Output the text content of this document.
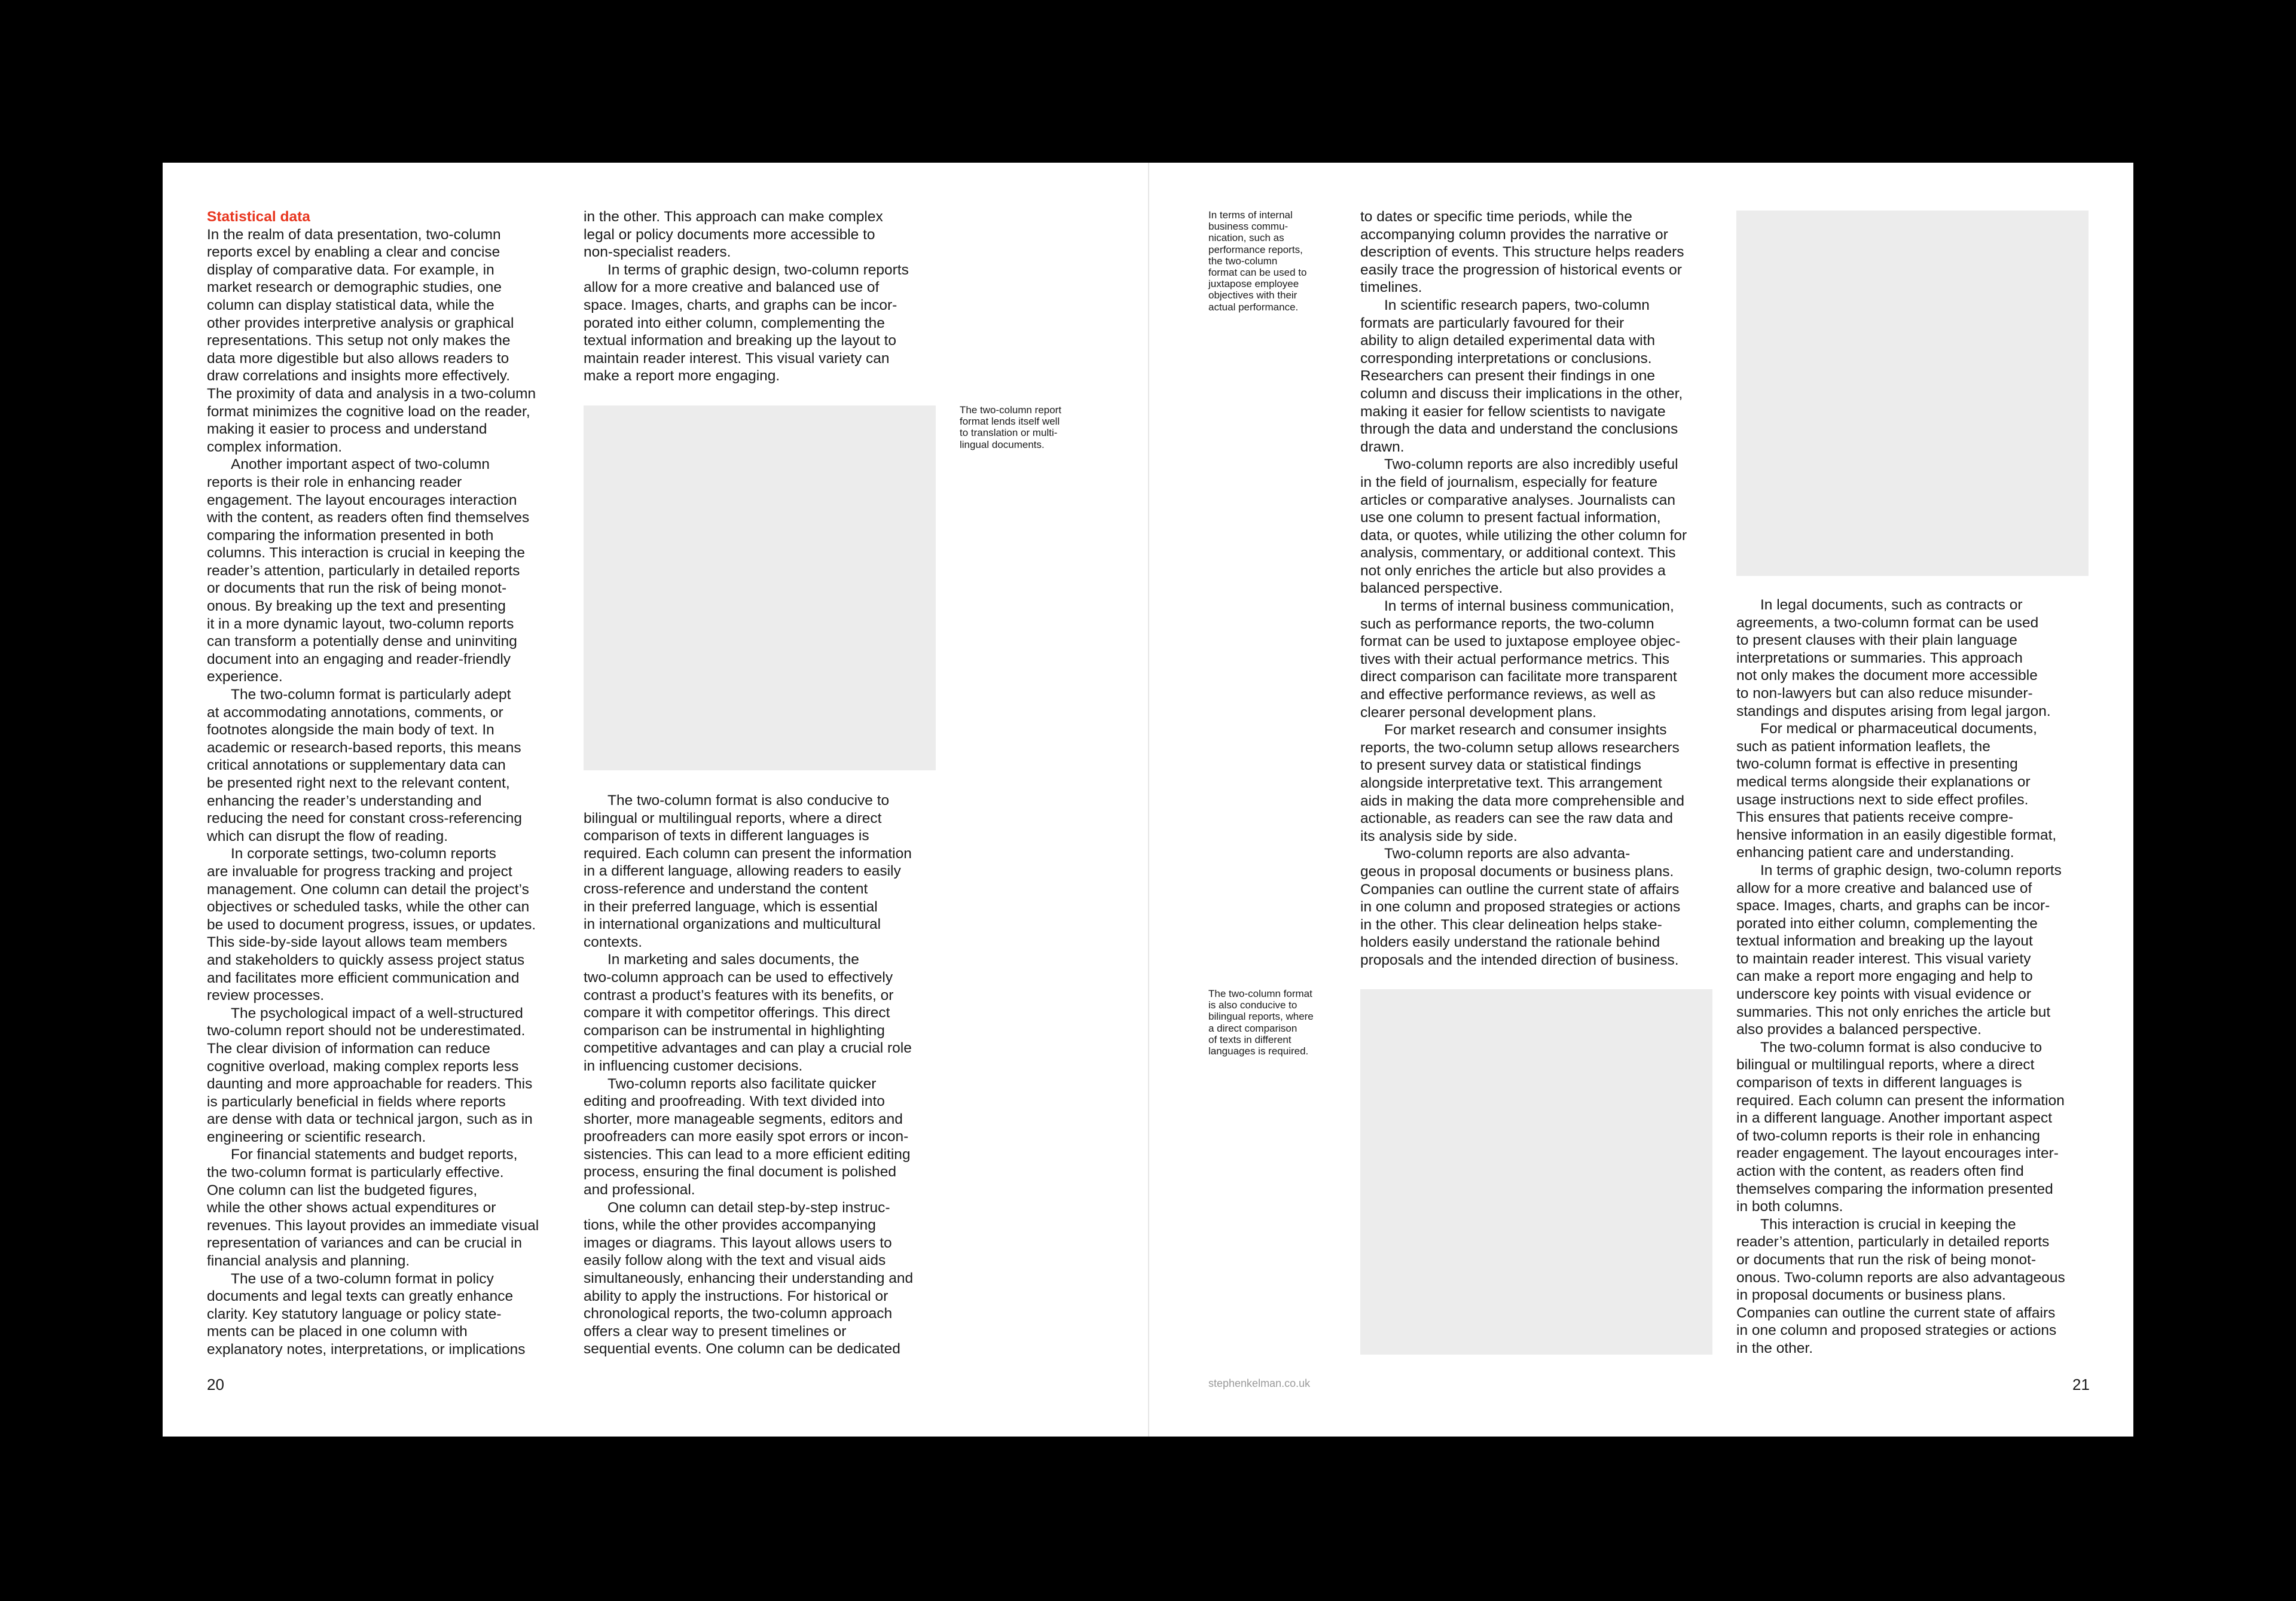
Statistical data

In the realm of data presentation, two-column
reports excel by enabling a clear and concise
display of comparative data. For example, in
market research or demographic studies, one
column can display statistical data, while the
other provides interpretive analysis or graphical
representations. This setup not only makes the
data more digestible but also allows readers to
draw correlations and insights more effectively.
The proximity of data and analysis in a two-column
format minimizes the cognitive load on the reader,
making it easier to process and understand
complex information.

Another important aspect of two-column
reports is their role in enhancing reader
engagement. The layout encourages interaction
with the content, as readers often find themselves
comparing the information presented in both
columns. This interaction is crucial in keeping the
reader’s attention, particularly in detailed reports
or documents that run the risk of being monot-
onous. By breaking up the text and presenting
it in a more dynamic layout, two-column reports
can transform a potentially dense and uninviting
document into an engaging and reader-friendly
experience.

The two-column format is particularly adept
at accommodating annotations, comments, or
footnotes alongside the main body of text. In
academic or research-based reports, this means
critical annotations or supplementary data can
be presented right next to the relevant content,
enhancing the reader’s understanding and
reducing the need for constant cross-referencing
which can disrupt the flow of reading.

In corporate settings, two-column reports
are invaluable for progress tracking and project
management. One column can detail the project’s
objectives or scheduled tasks, while the other can
be used to document progress, issues, or updates.
This side-by-side layout allows team members
and stakeholders to quickly assess project status
and facilitates more efficient communication and
review processes.

The psychological impact of a well-structured
two-column report should not be underestimated.
The clear division of information can reduce
cognitive overload, making complex reports less
daunting and more approachable for readers. This
is particularly beneficial in fields where reports
are dense with data or technical jargon, such as in
engineering or scientific research.

For financial statements and budget reports,
the two-column format is particularly effective.
One column can list the budgeted figures,
while the other shows actual expenditures or
revenues. This layout provides an immediate visual
representation of variances and can be crucial in
financial analysis and planning.

The use of a two-column format in policy
documents and legal texts can greatly enhance
clarity. Key statutory language or policy state-
ments can be placed in one column with
explanatory notes, interpretations, or implications

in the other. This approach can make complex
legal or policy documents more accessible to
non-specialist readers.

In terms of graphic design, two-column reports
allow for a more creative and balanced use of
space. Images, charts, and graphs can be incor-
porated into either column, complementing the
textual information and breaking up the layout to
maintain reader interest. This visual variety can
make a report more engaging.

The two-column report
format lends itself well
to translation or multi-
lingual documents.

The two-column format is also conducive to
bilingual or multilingual reports, where a direct
comparison of texts in different languages is
required. Each column can present the information
in a different language, allowing readers to easily
cross-reference and understand the content
in their preferred language, which is essential
in international organizations and multicultural
contexts.

In marketing and sales documents, the
two-column approach can be used to effectively
contrast a product’s features with its benefits, or
compare it with competitor offerings. This direct
comparison can be instrumental in highlighting
competitive advantages and can play a crucial role
in influencing customer decisions.

Two-column reports also facilitate quicker
editing and proofreading. With text divided into
shorter, more manageable segments, editors and
proofreaders can more easily spot errors or incon-
sistencies. This can lead to a more efficient editing
process, ensuring the final document is polished
and professional.

One column can detail step-by-step instruc-
tions, while the other provides accompanying
images or diagrams. This layout allows users to
easily follow along with the text and visual aids
simultaneously, enhancing their understanding and
ability to apply the instructions. For historical or
chronological reports, the two-column approach
offers a clear way to present timelines or
sequential events. One column can be dedicated

20
In terms of internal
business commu-
nication, such as
performance reports,
the two-column
format can be used to
juxtapose employee
objectives with their
actual performance.

to dates or specific time periods, while the
accompanying column provides the narrative or
description of events. This structure helps readers
easily trace the progression of historical events or
timelines.

In scientific research papers, two-column
formats are particularly favoured for their
ability to align detailed experimental data with
corresponding interpretations or conclusions.
Researchers can present their findings in one
column and discuss their implications in the other,
making it easier for fellow scientists to navigate
through the data and understand the conclusions
drawn.

Two-column reports are also incredibly useful
in the field of journalism, especially for feature
articles or comparative analyses. Journalists can
use one column to present factual information,
data, or quotes, while utilizing the other column for
analysis, commentary, or additional context. This
not only enriches the article but also provides a
balanced perspective.

In terms of internal business communication,
such as performance reports, the two-column
format can be used to juxtapose employee objec-
tives with their actual performance metrics. This
direct comparison can facilitate more transparent
and effective performance reviews, as well as
clearer personal development plans.

For market research and consumer insights
reports, the two-column setup allows researchers
to present survey data or statistical findings
alongside interpretative text. This arrangement
aids in making the data more comprehensible and
actionable, as readers can see the raw data and
its analysis side by side.

Two-column reports are also advanta-
geous in proposal documents or business plans.
Companies can outline the current state of affairs
in one column and proposed strategies or actions
in the other. This clear delineation helps stake-
holders easily understand the rationale behind
proposals and the intended direction of business.

The two-column format
is also conducive to
bilingual reports, where
a direct comparison
of texts in different
languages is required.

In legal documents, such as contracts or
agreements, a two-column format can be used
to present clauses with their plain language
interpretations or summaries. This approach
not only makes the document more accessible
to non-lawyers but can also reduce misunder-
standings and disputes arising from legal jargon.

For medical or pharmaceutical documents,
such as patient information leaflets, the
two-column format is effective in presenting
medical terms alongside their explanations or
usage instructions next to side effect profiles.
This ensures that patients receive compre-
hensive information in an easily digestible format,
enhancing patient care and understanding.

In terms of graphic design, two-column reports
allow for a more creative and balanced use of
space. Images, charts, and graphs can be incor-
porated into either column, complementing the
textual information and breaking up the layout
to maintain reader interest. This visual variety
can make a report more engaging and help to
underscore key points with visual evidence or
summaries. This not only enriches the article but
also provides a balanced perspective.

The two-column format is also conducive to
bilingual or multilingual reports, where a direct
comparison of texts in different languages is
required. Each column can present the information
in a different language. Another important aspect
of two-column reports is their role in enhancing
reader engagement. The layout encourages inter-
action with the content, as readers often find
themselves comparing the information presented
in both columns.

This interaction is crucial in keeping the
reader’s attention, particularly in detailed reports
or documents that run the risk of being monot-
onous. Two-column reports are also advantageous
in proposal documents or business plans.
Companies can outline the current state of affairs
in one column and proposed strategies or actions
in the other.

stephenkelman.co.uk	21
